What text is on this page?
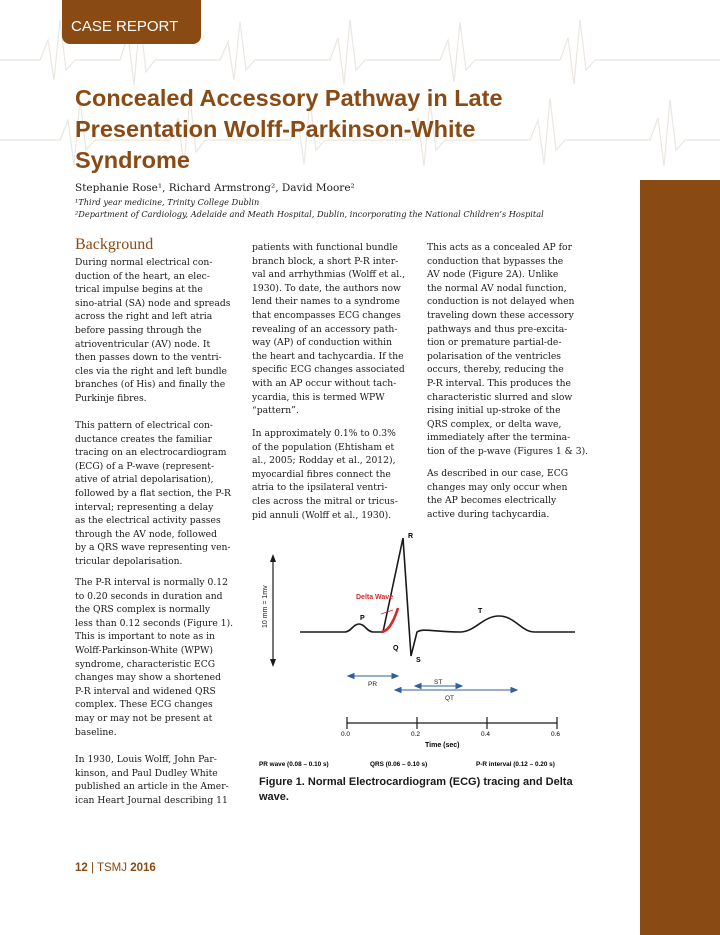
CASE REPORT
Concealed Accessory Pathway in Late
Presentation Wolff-Parkinson-White
Syndrome
Stephanie Rose¹, Richard Armstrong², David Moore²
¹Third year medicine, Trinity College Dublin
²Department of Cardiology, Adelaide and Meath Hospital, Dublin, incorporating the National Children’s Hospital
Background
During normal electrical con-
duction of the heart, an elec-
trical impulse begins at the
sino-atrial (SA) node and spreads
across the right and left atria
before passing through the
atrioventricular (AV) node. It
then passes down to the ventri-
cles via the right and left bundle
branches (of His) and finally the
Purkinje fibres.
This pattern of electrical con-
ductance creates the familiar
tracing on an electrocardiogram
(ECG) of a P-wave (represent-
ative of atrial depolarisation),
followed by a flat section, the P-R
interval; representing a delay
as the electrical activity passes
through the AV node, followed
by a QRS wave representing ven-
tricular depolarisation.
The P-R interval is normally 0.12
to 0.20 seconds in duration and
the QRS complex is normally
less than 0.12 seconds (Figure 1).
This is important to note as in
Wolff-Parkinson-White (WPW)
syndrome, characteristic ECG
changes may show a shortened
P-R interval and widened QRS
complex. These ECG changes
may or may not be present at
baseline.
In 1930, Louis Wolff, John Par-
kinson, and Paul Dudley White
published an article in the Amer-
ican Heart Journal describing 11
patients with functional bundle
branch block, a short P-R inter-
val and arrhythmias (Wolff et al.,
1930). To date, the authors now
lend their names to a syndrome
that encompasses ECG changes
revealing of an accessory path-
way (AP) of conduction within
the heart and tachycardia. If the
specific ECG changes associated
with an AP occur without tach-
ycardia, this is termed WPW
“pattern”.
In approximately 0.1% to 0.3%
of the population (Ehtisham et
al., 2005; Rodday et al., 2012),
myocardial fibres connect the
atria to the ipsilateral ventri-
cles across the mitral or tricus-
pid annuli (Wolff et al., 1930).
This acts as a concealed AP for
conduction that bypasses the
AV node (Figure 2A). Unlike
the normal AV nodal function,
conduction is not delayed when
traveling down these accessory
pathways and thus pre-excita-
tion or premature partial-de-
polarisation of the ventricles
occurs, thereby, reducing the
P-R interval. This produces the
characteristic slurred and slow
rising initial up-stroke of the
QRS complex, or delta wave,
immediately after the termina-
tion of the p-wave (Figures 1 & 3).
As described in our case, ECG
changes may only occur when
the AP becomes electrically
active during tachycardia.
10 mm = 1mv	Delta Wave
R
P
Q
S
T
PR	ST
QT
0.0	0.2	0.4	0.6
Time (sec)
PR wave (0.08 – 0.10 s)	QRS (0.06 – 0.10 s)	P-R interval (0.12 – 0.20 s)
Figure 1. Normal Electrocardiogram (ECG) tracing and Delta wave.
12 | TSMJ 2016
